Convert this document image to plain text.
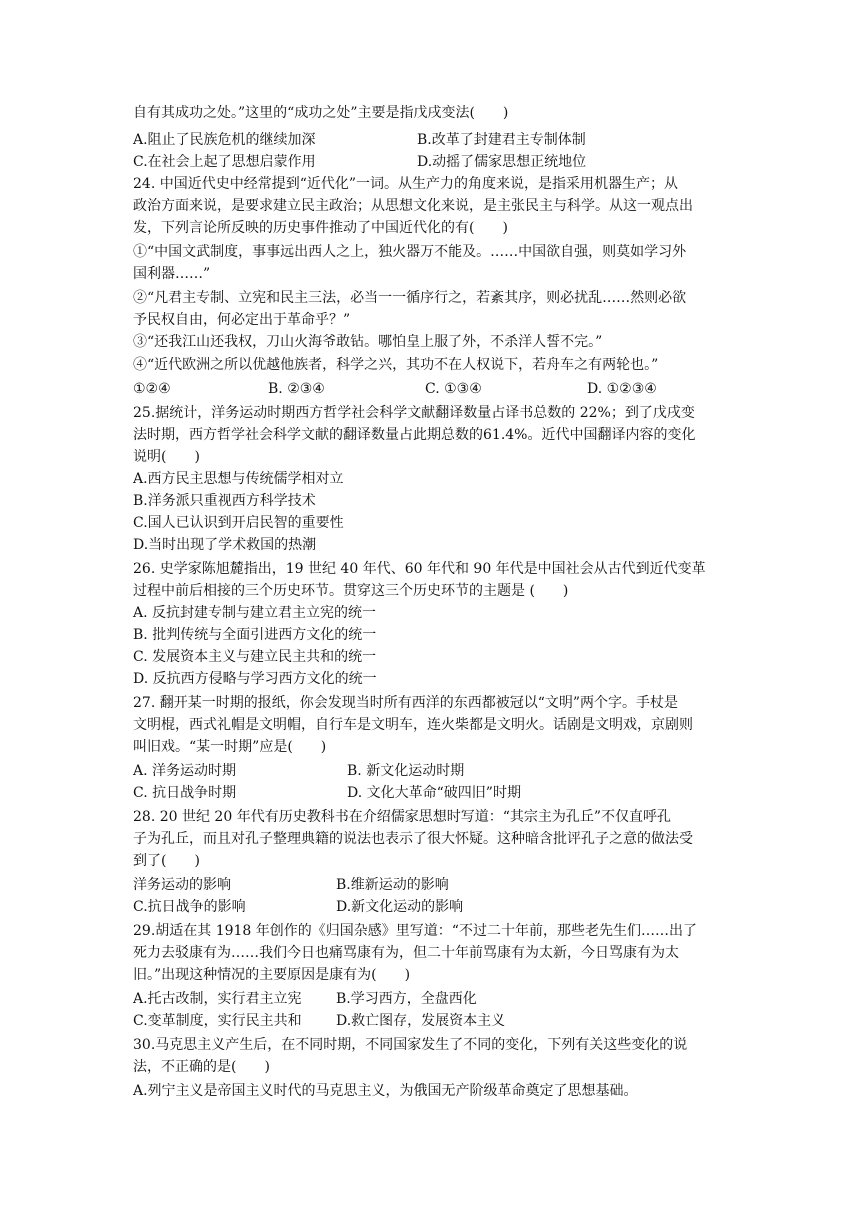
自有其成功之处。”这里的“成功之处”主要是指戊戌变法(　　)
A.阻止了民族危机的继续加深	B.改革了封建君主专制体制
C.在社会上起了思想启蒙作用	D.动摇了儒家思想正统地位
24. 中国近代史中经常提到“近代化”一词。从生产力的角度来说，是指采用机器生产；从
政治方面来说，是要求建立民主政治；从思想文化来说，是主张民主与科学。从这一观点出
发，下列言论所反映的历史事件推动了中国近代化的有(　　)
①“中国文武制度，事事远出西人之上，独火器万不能及。……中国欲自强，则莫如学习外
国利器……”
②“凡君主专制、立宪和民主三法，必当一一循序行之，若紊其序，则必扰乱……然则必欲
予民权自由，何必定出于革命乎？”
③“还我江山还我权，刀山火海爷敢钻。哪怕皇上服了外，不杀洋人誓不完。”
④“近代欧洲之所以优越他族者，科学之兴，其功不在人权说下，若舟车之有两轮也。”
①②④	B. ②③④	C. ①③④	D. ①②③④
25.据统计，洋务运动时期西方哲学社会科学文献翻译数量占译书总数的 22%；到了戊戌变
法时期，西方哲学社会科学文献的翻译数量占此期总数的61.4%。近代中国翻译内容的变化
说明(　　)
A.西方民主思想与传统儒学相对立
B.洋务派只重视西方科学技术
C.国人已认识到开启民智的重要性
D.当时出现了学术救国的热潮
26. 史学家陈旭麓指出，19 世纪 40 年代、60 年代和 90 年代是中国社会从古代到近代变革
过程中前后相接的三个历史环节。贯穿这三个历史环节的主题是 (　　)
A. 反抗封建专制与建立君主立宪的统一
B. 批判传统与全面引进西方文化的统一
C. 发展资本主义与建立民主共和的统一
D. 反抗西方侵略与学习西方文化的统一
27. 翻开某一时期的报纸，你会发现当时所有西洋的东西都被冠以“文明”两个字。手杖是
文明棍，西式礼帽是文明帽，自行车是文明车，连火柴都是文明火。话剧是文明戏，京剧则
叫旧戏。“某一时期”应是(　　)
A. 洋务运动时期	B. 新文化运动时期
C. 抗日战争时期	D. 文化大革命“破四旧”时期
28. 20 世纪 20 年代有历史教科书在介绍儒家思想时写道：“其宗主为孔丘”不仅直呼孔
子为孔丘，而且对孔子整理典籍的说法也表示了很大怀疑。这种暗含批评孔子之意的做法受
到了(　　)
洋务运动的影响	B.维新运动的影响
C.抗日战争的影响	D.新文化运动的影响
29.胡适在其 1918 年创作的《归国杂感》里写道：“不过二十年前，那些老先生们……出了
死力去驳康有为……我们今日也痛骂康有为，但二十年前骂康有为太新，今日骂康有为太
旧。”出现这种情况的主要原因是康有为(　　)
A.托古改制，实行君主立宪 B.学习西方，全盘西化
C.变革制度，实行民主共和 D.救亡图存，发展资本主义
30.马克思主义产生后，在不同时期，不同国家发生了不同的变化，下列有关这些变化的说
法，不正确的是(　　)
A.列宁主义是帝国主义时代的马克思主义，为俄国无产阶级革命奠定了思想基础。
